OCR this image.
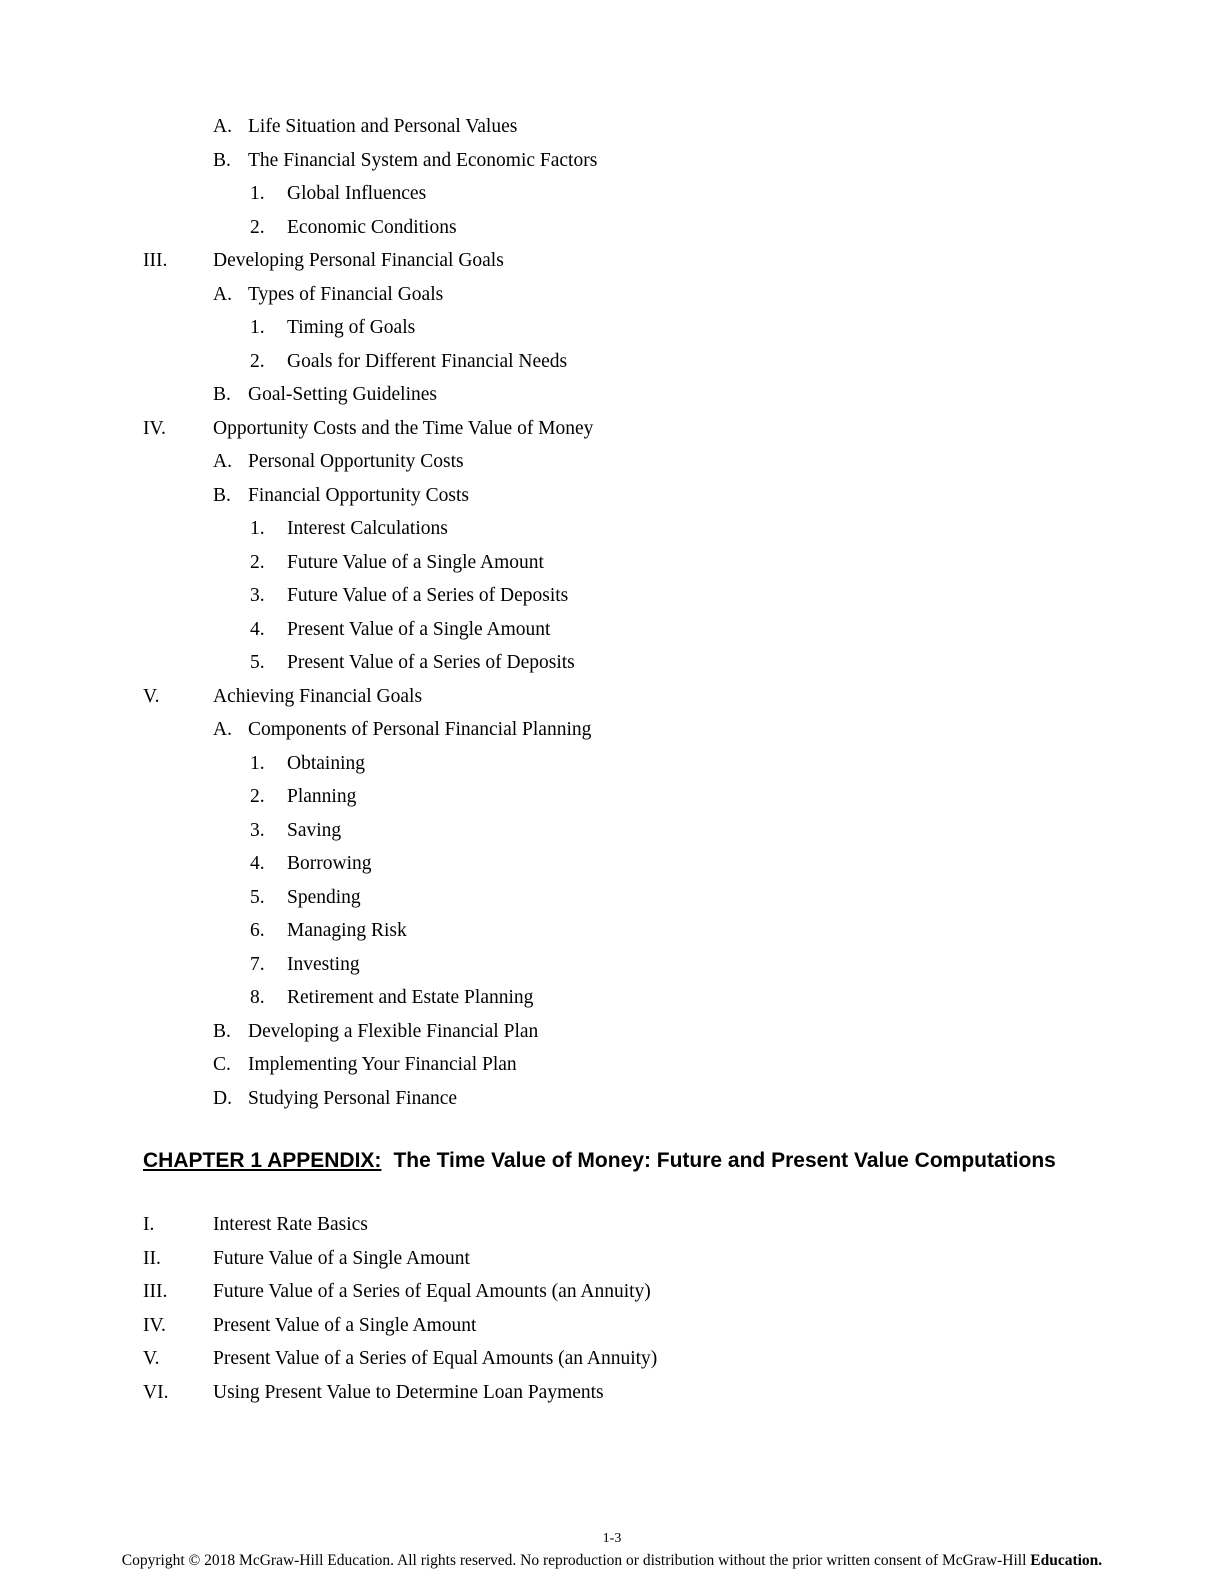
A. Life Situation and Personal Values
B. The Financial System and Economic Factors
1.	Global Influences
2.	Economic Conditions
III.	Developing Personal Financial Goals
A. Types of Financial Goals
1.	Timing of Goals
2.	Goals for Different Financial Needs
B. Goal-Setting Guidelines
IV.	Opportunity Costs and the Time Value of Money
A. Personal Opportunity Costs
B. Financial Opportunity Costs
1.	Interest Calculations
2.	Future Value of a Single Amount
3.	Future Value of a Series of Deposits
4.	Present Value of a Single Amount
5.	Present Value of a Series of Deposits
V.	Achieving Financial Goals
A. Components of Personal Financial Planning
1.	Obtaining
2.	Planning
3.	Saving
4.	Borrowing
5.	Spending
6.	Managing Risk
7.	Investing
8.	Retirement and Estate Planning
B. Developing a Flexible Financial Plan
C. Implementing Your Financial Plan
D. Studying Personal Finance
CHAPTER 1 APPENDIX: The Time Value of Money: Future and Present Value Computations
I.	Interest Rate Basics
II.	Future Value of a Single Amount
III.	Future Value of a Series of Equal Amounts (an Annuity)
IV.	Present Value of a Single Amount
V.	Present Value of a Series of Equal Amounts (an Annuity)
VI.	Using Present Value to Determine Loan Payments
1-3
Copyright © 2018 McGraw-Hill Education. All rights reserved. No reproduction or distribution without the prior written consent of McGraw-Hill Education.
